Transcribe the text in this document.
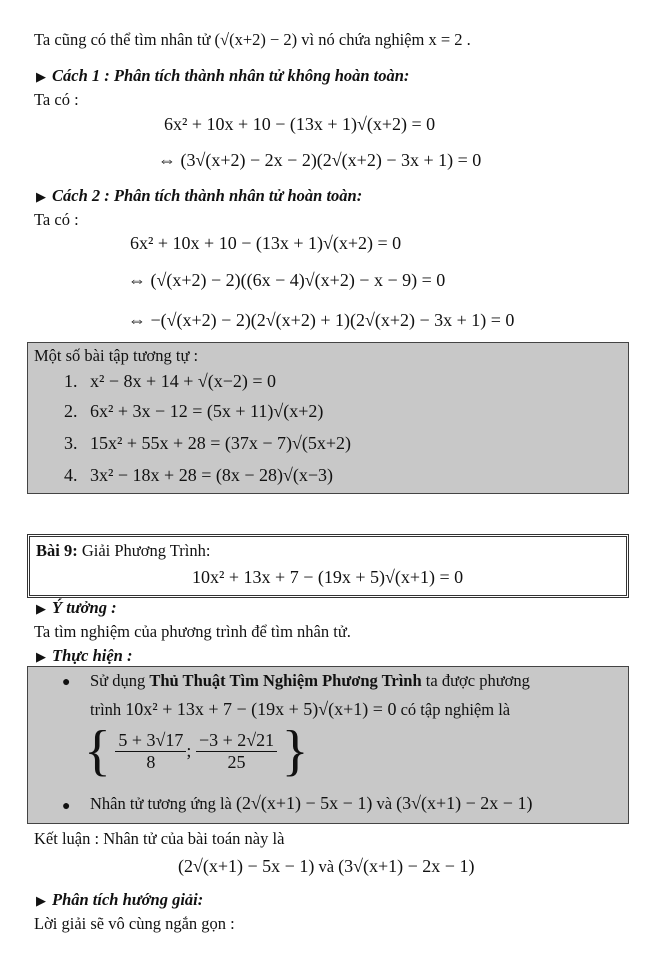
Ta cũng có thể tìm nhân tử (√(x+2) − 2) vì nó chứa nghiệm x = 2 .
▶ Cách 1 : Phân tích thành nhân tử không hoàn toàn:
Ta có :
6x² + 10x + 10 − (13x + 1)√(x+2) = 0
⇔ (3√(x+2) − 2x − 2)(2√(x+2) − 3x + 1) = 0
▶ Cách 2 : Phân tích thành nhân tử hoàn toàn:
Ta có :
6x² + 10x + 10 − (13x + 1)√(x+2) = 0
⇔ (√(x+2) − 2)((6x − 4)√(x+2) − x − 9) = 0
⇔ −(√(x+2) − 2)(2√(x+2) + 1)(2√(x+2) − 3x + 1) = 0
Một số bài tập tương tự :
1. x² − 8x + 14 + √(x−2) = 0
2. 6x² + 3x − 12 = (5x + 11)√(x+2)
3. 15x² + 55x + 28 = (37x − 7)√(5x+2)
4. 3x² − 18x + 28 = (8x − 28)√(x−3)
Bài 9: Giải Phương Trình:
10x² + 13x + 7 − (19x + 5)√(x+1) = 0
▶ Ý tưởng :
Ta tìm nghiệm của phương trình để tìm nhân tử.
▶ Thực hiện :
● Sử dụng Thủ Thuật Tìm Nghiệm Phương Trình ta được phương
trình 10x² + 13x + 7 − (19x + 5)√(x+1) = 0 có tập nghiệm là
{ $\frac{5 + 3√17}{8}$ ; $\frac{-3 + 2√21}{25}$ }
● Nhân tử tương ứng là (2√(x+1) − 5x − 1) và (3√(x+1) − 2x − 1)
Kết luận : Nhân tử của bài toán này là
(2√(x+1) − 5x − 1) và (3√(x+1) − 2x − 1)
▶ Phân tích hướng giải:
Lời giải sẽ vô cùng ngắn gọn :
